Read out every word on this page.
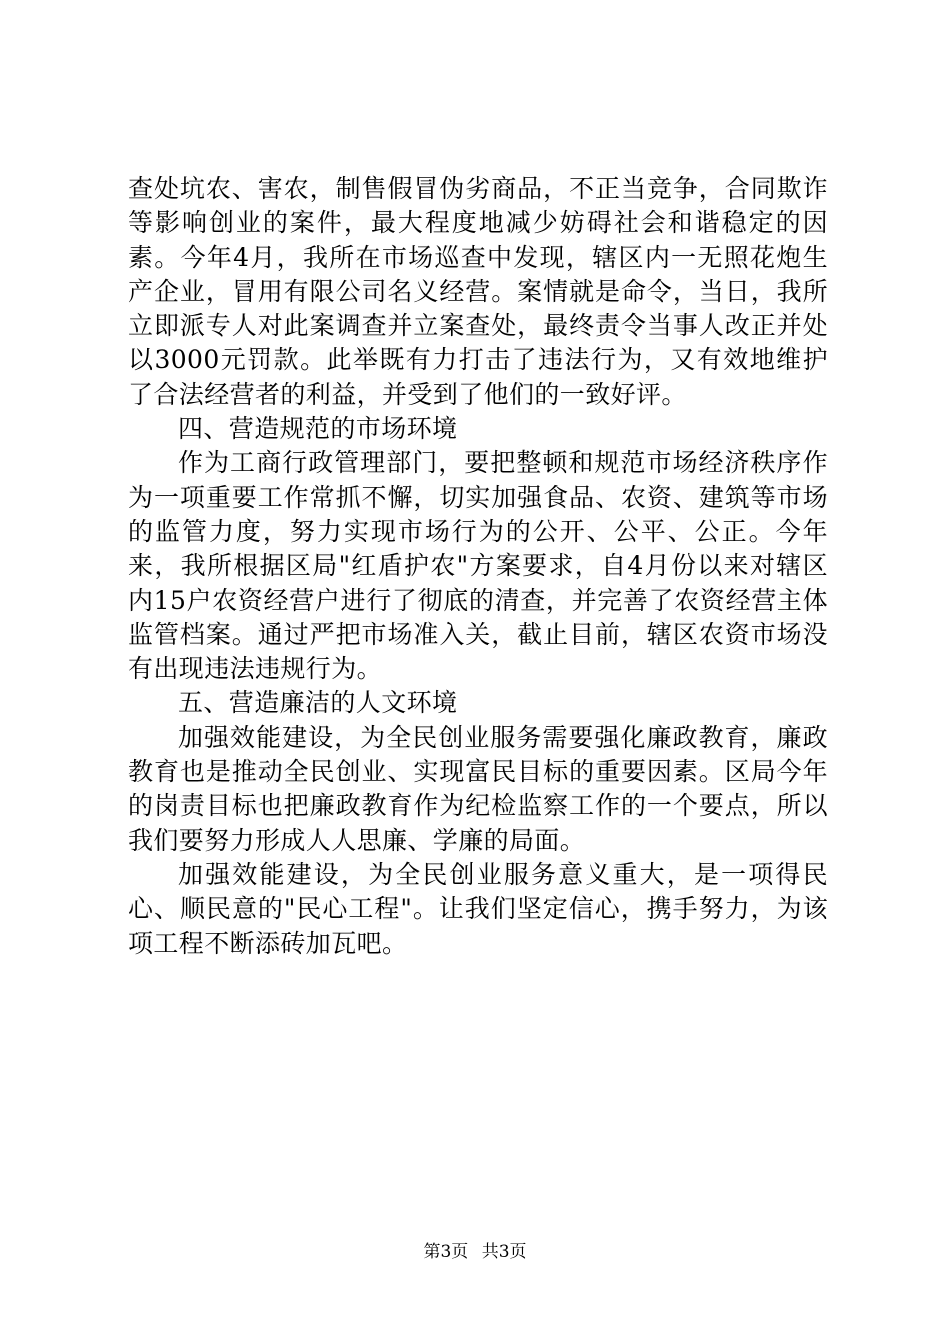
查处坑农、害农，制售假冒伪劣商品，不正当竞争，合同欺诈等影响创业的案件，最大程度地减少妨碍社会和谐稳定的因素。今年4月，我所在市场巡查中发现，辖区内一无照花炮生产企业，冒用有限公司名义经营。案情就是命令，当日，我所立即派专人对此案调查并立案查处，最终责令当事人改正并处以3000元罚款。此举既有力打击了违法行为，又有效地维护了合法经营者的利益，并受到了他们的一致好评。

四、营造规范的市场环境

作为工商行政管理部门，要把整顿和规范市场经济秩序作为一项重要工作常抓不懈，切实加强食品、农资、建筑等市场的监管力度，努力实现市场行为的公开、公平、公正。今年来，我所根据区局"红盾护农"方案要求，自4月份以来对辖区内15户农资经营户进行了彻底的清查，并完善了农资经营主体监管档案。通过严把市场准入关，截止目前，辖区农资市场没有出现违法违规行为。

五、营造廉洁的人文环境

加强效能建设，为全民创业服务需要强化廉政教育，廉政教育也是推动全民创业、实现富民目标的重要因素。区局今年的岗责目标也把廉政教育作为纪检监察工作的一个要点，所以我们要努力形成人人思廉、学廉的局面。

加强效能建设，为全民创业服务意义重大，是一项得民心、顺民意的"民心工程"。让我们坚定信心，携手努力，为该项工程不断添砖加瓦吧。

第3页 共3页
